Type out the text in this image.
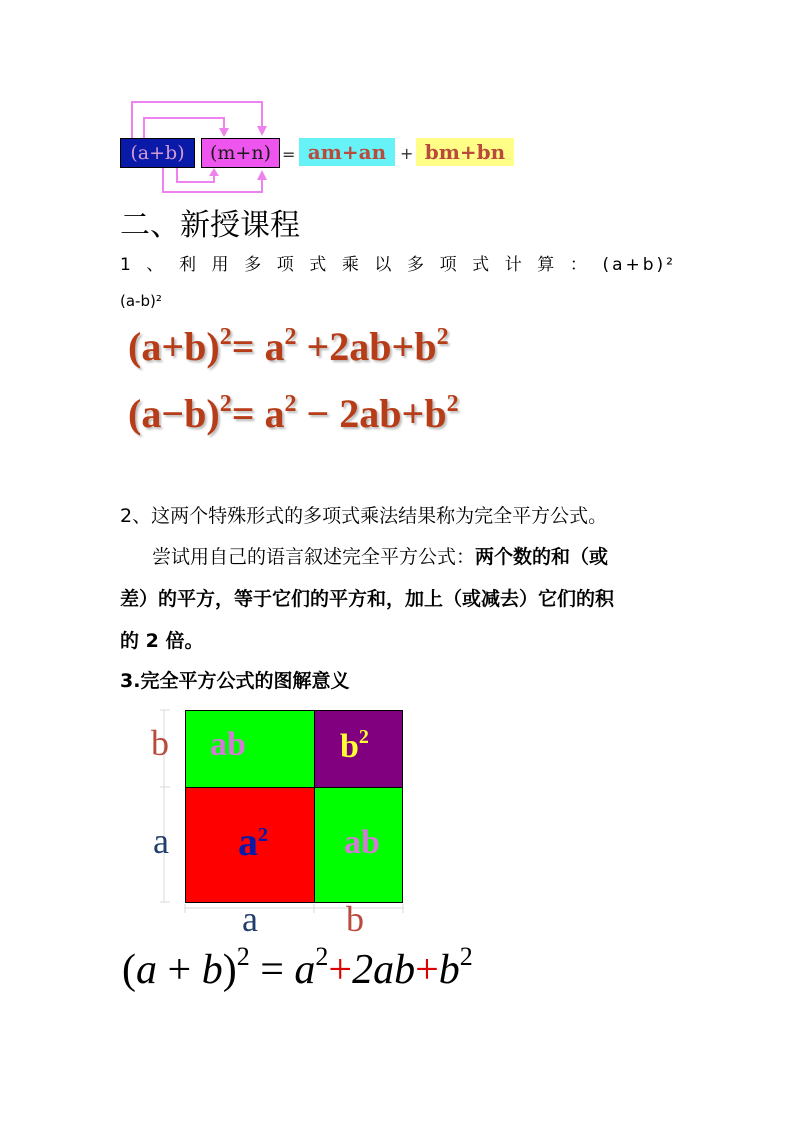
(a+b)	(m+n) = am+an + bm+bn
二、新授课程
1、利用多项式乘以多项式计算：(a+b)²
(a-b)²
$(a+b)^2= a^2 +2ab+b^2$
$(a-b)^2= a^2 - 2ab+b^2$
2、这两个特殊形式的多项式乘法结果称为完全平方公式。
尝试用自己的语言叙述完全平方公式：两个数的和（或
差）的平方，等于它们的平方和，加上（或减去）它们的积
的 2 倍。
3.完全平方公式的图解意义
ab	$b^2$
$a^2$ ab
b
a
a b
$(a + b)^2 = a^2+2ab+b^2$
